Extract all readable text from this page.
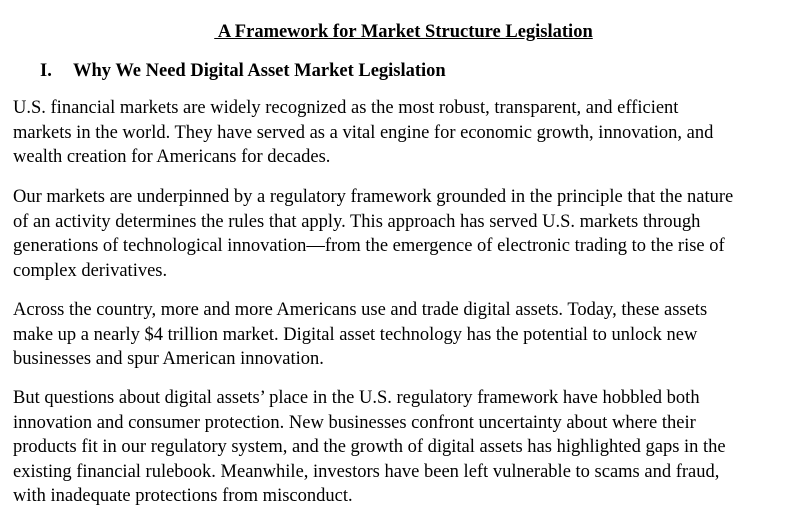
A Framework for Market Structure Legislation
I. Why We Need Digital Asset Market Legislation

U.S. financial markets are widely recognized as the most robust, transparent, and efficient
markets in the world. They have served as a vital engine for economic growth, innovation, and
wealth creation for Americans for decades.

Our markets are underpinned by a regulatory framework grounded in the principle that the nature
of an activity determines the rules that apply. This approach has served U.S. markets through
generations of technological innovation—from the emergence of electronic trading to the rise of
complex derivatives.

Across the country, more and more Americans use and trade digital assets. Today, these assets
make up a nearly $4 trillion market. Digital asset technology has the potential to unlock new
businesses and spur American innovation.

But questions about digital assets’ place in the U.S. regulatory framework have hobbled both
innovation and consumer protection. New businesses confront uncertainty about where their
products fit in our regulatory system, and the growth of digital assets has highlighted gaps in the
existing financial rulebook. Meanwhile, investors have been left vulnerable to scams and fraud,
with inadequate protections from misconduct.
